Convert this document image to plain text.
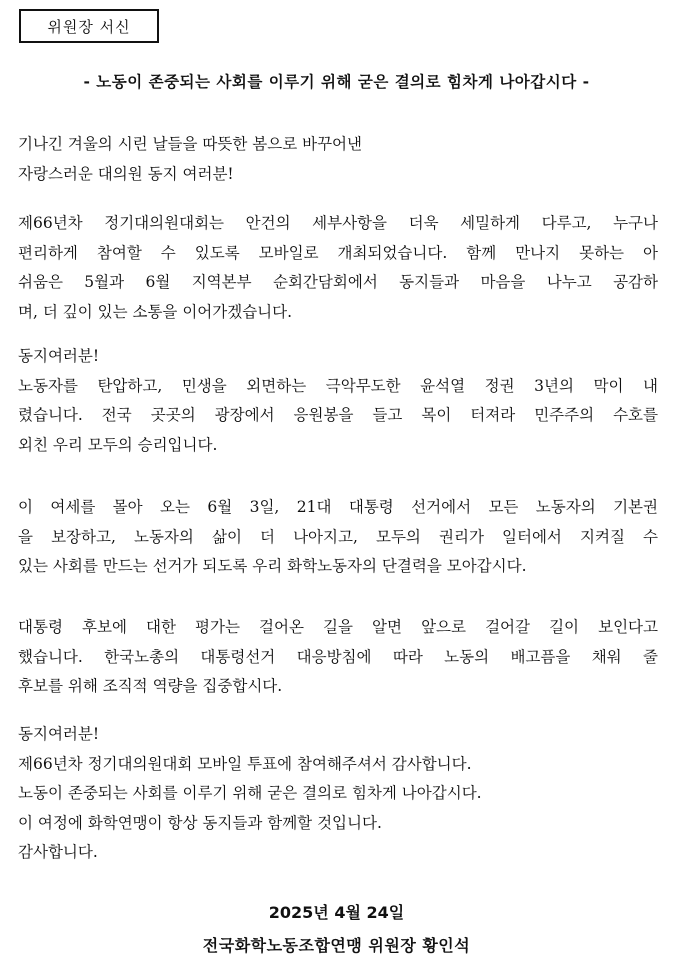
위원장 서신
- 노동이 존중되는 사회를 이루기 위해 굳은 결의로 힘차게 나아갑시다 -
기나긴 겨울의 시린 날들을 따뜻한 봄으로 바꾸어낸
자랑스러운 대의원 동지 여러분!
제66년차 정기대의원대회는 안건의 세부사항을 더욱 세밀하게 다루고, 누구나
편리하게 참여할 수 있도록 모바일로 개최되었습니다. 함께 만나지 못하는 아
쉬움은 5월과 6월 지역본부 순회간담회에서 동지들과 마음을 나누고 공감하
며, 더 깊이 있는 소통을 이어가겠습니다.
동지여러분!
노동자를 탄압하고, 민생을 외면하는 극악무도한 윤석열 정권 3년의 막이 내
렸습니다. 전국 곳곳의 광장에서 응원봉을 들고 목이 터져라 민주주의 수호를
외친 우리 모두의 승리입니다.
이 여세를 몰아 오는 6월 3일, 21대 대통령 선거에서 모든 노동자의 기본권
을 보장하고, 노동자의 삶이 더 나아지고, 모두의 권리가 일터에서 지켜질 수
있는 사회를 만드는 선거가 되도록 우리 화학노동자의 단결력을 모아갑시다.
대통령 후보에 대한 평가는 걸어온 길을 알면 앞으로 걸어갈 길이 보인다고
했습니다. 한국노총의 대통령선거 대응방침에 따라 노동의 배고픔을 채워 줄
후보를 위해 조직적 역량을 집중합시다.
동지여러분!
제66년차 정기대의원대회 모바일 투표에 참여해주셔서 감사합니다.
노동이 존중되는 사회를 이루기 위해 굳은 결의로 힘차게 나아갑시다.
이 여정에 화학연맹이 항상 동지들과 함께할 것입니다.
감사합니다.
2025년 4월 24일
전국화학노동조합연맹 위원장 황인석
